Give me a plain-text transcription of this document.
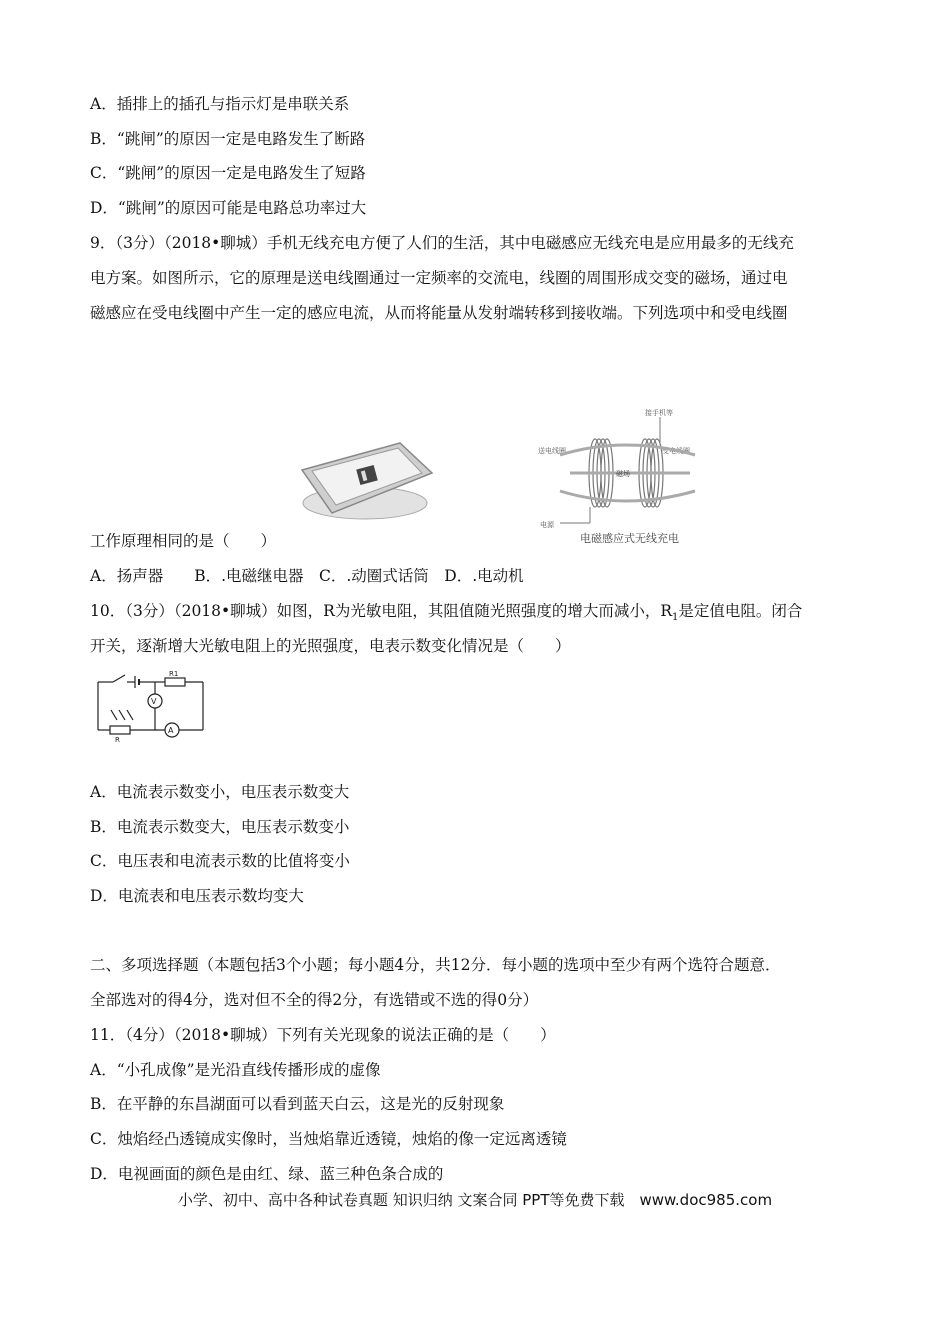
A．插排上的插孔与指示灯是串联关系
B．“跳闸”的原因一定是电路发生了断路
C．“跳闸”的原因一定是电路发生了短路
D．“跳闸”的原因可能是电路总功率过大
9．（3分）（2018•聊城）手机无线充电方便了人们的生活，其中电磁感应无线充电是应用最多的无线充
电方案。如图所示，它的原理是送电线圈通过一定频率的交流电，线圈的周围形成交变的磁场，通过电
磁感应在受电线圈中产生一定的感应电流，从而将能量从发射端转移到接收端。下列选项中和受电线圈
接手机等
送电线圈	受电线圈
磁场
电源
电磁感应式无线充电
工作原理相同的是（　　）
A．扬声器　　B．.电磁继电器　C．.动圈式话筒　D．.电动机
10．（3分）（2018•聊城）如图，R为光敏电阻，其阻值随光照强度的增大而减小，$R_1$是定值电阻。闭合
开关，逐渐增大光敏电阻上的光照强度，电表示数变化情况是（　　）
R1
R
V
A
A．电流表示数变小，电压表示数变大
B．电流表示数变大，电压表示数变小
C．电压表和电流表示数的比值将变小
D．电流表和电压表示数均变大
二、多项选择题（本题包括3个小题；每小题4分，共12分．每小题的选项中至少有两个选符合题意．
全部选对的得4分，选对但不全的得2分，有选错或不选的得0分）
11．（4分）（2018•聊城）下列有关光现象的说法正确的是（　　）
A．“小孔成像”是光沿直线传播形成的虚像
B．在平静的东昌湖面可以看到蓝天白云，这是光的反射现象
C．烛焰经凸透镜成实像时，当烛焰靠近透镜，烛焰的像一定远离透镜
D．电视画面的颜色是由红、绿、蓝三种色条合成的
小学、初中、高中各种试卷真题 知识归纳 文案合同 PPT等免费下载　www.doc985.com
